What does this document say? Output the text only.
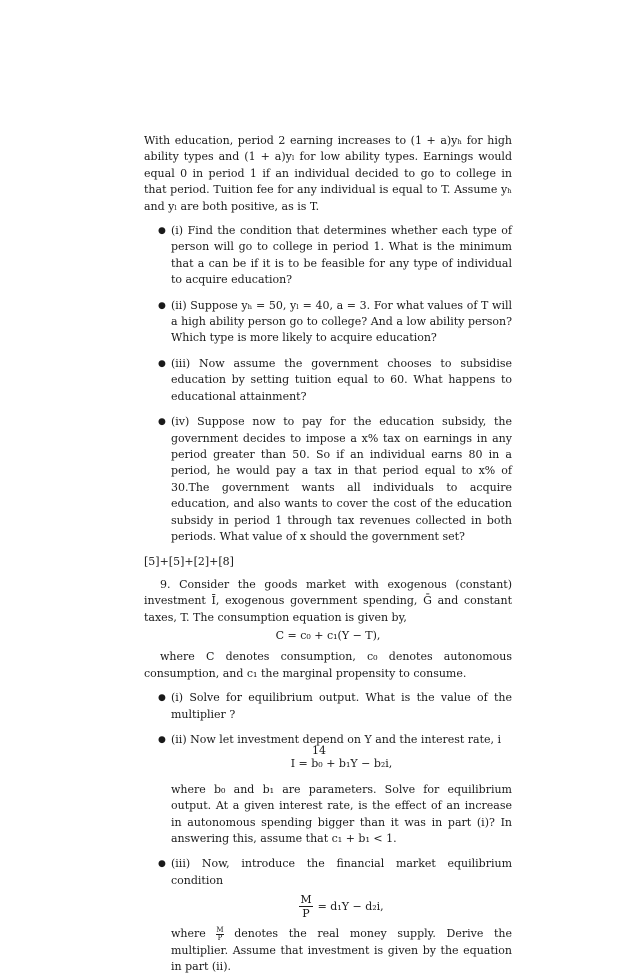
With education, period 2 earning increases to (1 + a)yₕ for high ability types and (1 + a)yₗ for low ability types. Earnings would equal 0 in period 1 if an individual decided to go to college in that period. Tuition fee for any individual is equal to T. Assume yₕ and yₗ are both positive, as is T.

● (i) Find the condition that determines whether each type of person will go to college in period 1. What is the minimum that a can be if it is to be feasible for any type of individual to acquire education?
● (ii) Suppose yₕ = 50, yₗ = 40, a = 3. For what values of T will a high ability person go to college? And a low ability person? Which type is more likely to acquire education?
● (iii) Now assume the government chooses to subsidise education by setting tuition equal to 60. What happens to educational attainment?
● (iv) Suppose now to pay for the education subsidy, the government decides to impose a x% tax on earnings in any period greater than 50. So if an individual earns 80 in a period, he would pay a tax in that period equal to x% of 30.The government wants all individuals to acquire education, and also wants to cover the cost of the education subsidy in period 1 through tax revenues collected in both periods. What value of x should the government set?

[5]+[5]+[2]+[8]

9. Consider the goods market with exogenous (constant) investment Ī, exogenous government spending, Ḡ and constant taxes, T. The consumption equation is given by,

C = c₀ + c₁(Y − T),

where C denotes consumption, c₀ denotes autonomous consumption, and c₁ the marginal propensity to consume.

● (i) Solve for equilibrium output. What is the value of the multiplier ?
● (ii) Now let investment depend on Y and the interest rate, i
I = b₀ + b₁Y − b₂i,

where b₀ and b₁ are parameters. Solve for equilibrium output. At a given interest rate, is the effect of an increase in autonomous spending bigger than it was in part (i)? In answering this, assume that c₁ + b₁ < 1.

● (iii) Now, introduce the financial market equilibrium condition
$\frac{M}{P} = d_1Y - d_2i$,

where $\frac{M}{P}$ denotes the real money supply. Derive the multiplier. Assume that investment is given by the equation in part (ii).

14
